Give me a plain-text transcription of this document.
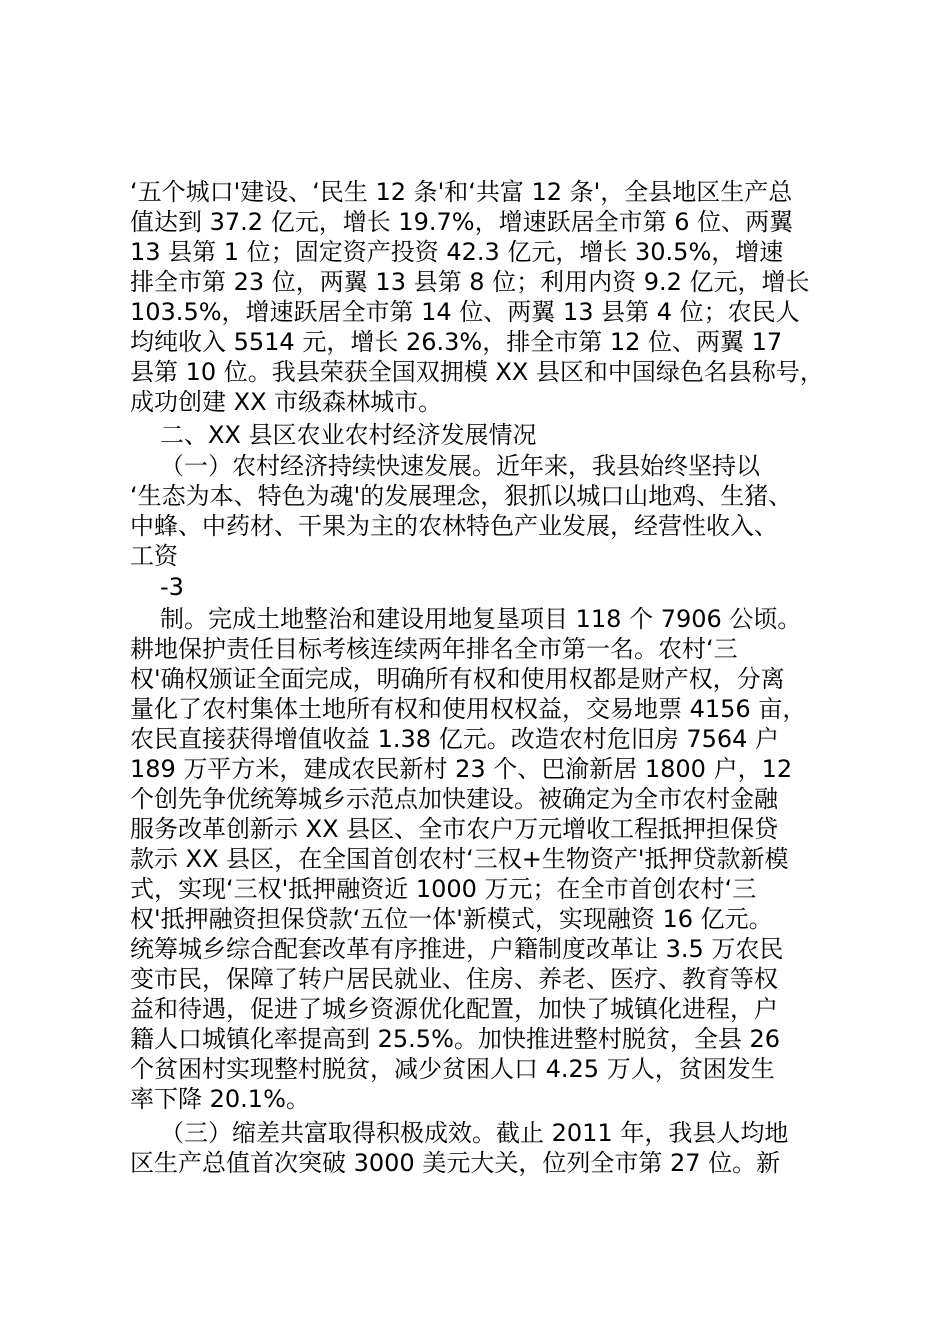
‘五个城口'建设、‘民生 12 条'和‘共富 12 条'，全县地区生产总
值达到 37.2 亿元，增长 19.7%，增速跃居全市第 6 位、两翼
13 县第 1 位；固定资产投资 42.3 亿元，增长 30.5%，增速
排全市第 23 位，两翼 13 县第 8 位；利用内资 9.2 亿元，增长
103.5%，增速跃居全市第 14 位、两翼 13 县第 4 位；农民人
均纯收入 5514 元，增长 26.3%，排全市第 12 位、两翼 17
县第 10 位。我县荣获全国双拥模 XX 县区和中国绿色名县称号，
成功创建 XX 市级森林城市。
二、XX 县区农业农村经济发展情况
（一）农村经济持续快速发展。近年来，我县始终坚持以
‘生态为本、特色为魂'的发展理念，狠抓以城口山地鸡、生猪、
中蜂、中药材、干果为主的农林特色产业发展，经营性收入、
工资
-3
制。完成土地整治和建设用地复垦项目 118 个 7906 公顷。
耕地保护责任目标考核连续两年排名全市第一名。农村‘三
权'确权颁证全面完成，明确所有权和使用权都是财产权，分离
量化了农村集体土地所有权和使用权权益，交易地票 4156 亩，
农民直接获得增值收益 1.38 亿元。改造农村危旧房 7564 户
189 万平方米，建成农民新村 23 个、巴渝新居 1800 户，12
个创先争优统筹城乡示范点加快建设。被确定为全市农村金融
服务改革创新示 XX 县区、全市农户万元增收工程抵押担保贷
款示 XX 县区，在全国首创农村‘三权+生物资产'抵押贷款新模
式，实现‘三权'抵押融资近 1000 万元；在全市首创农村‘三
权'抵押融资担保贷款‘五位一体'新模式，实现融资 16 亿元。
统筹城乡综合配套改革有序推进，户籍制度改革让 3.5 万农民
变市民，保障了转户居民就业、住房、养老、医疗、教育等权
益和待遇，促进了城乡资源优化配置，加快了城镇化进程，户
籍人口城镇化率提高到 25.5%。加快推进整村脱贫，全县 26
个贫困村实现整村脱贫，减少贫困人口 4.25 万人，贫困发生
率下降 20.1%。
（三）缩差共富取得积极成效。截止 2011 年，我县人均地
区生产总值首次突破 3000 美元大关，位列全市第 27 位。新
